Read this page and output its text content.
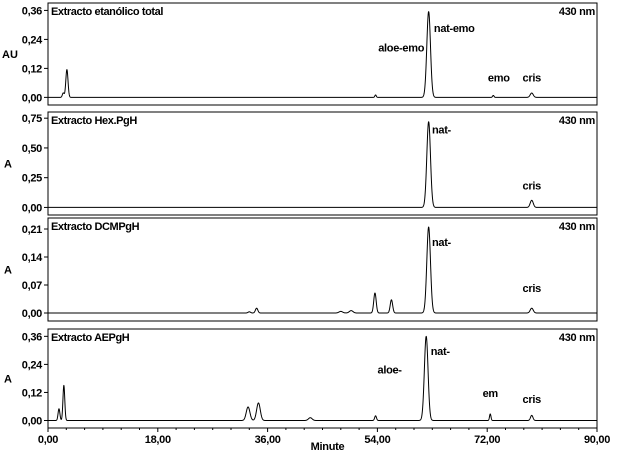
0,00
0,12
0,24
0,36
AU
Extracto etanólico total	430 nm
aloe-emo
nat-emo
emo cris
0,00
0,25
0,50
0,75
A
Extracto Hex.PgH	430 nm
nat-
cris
0,00
0,07
0,14
0,21
A
Extracto DCMPgH	430 nm
nat-
cris
0,00
0,12
0,24
0,36
A
Extracto AEPgH	430 nm
aloe-
nat-
em cris
0,00	18,00	36,00	54,00	72,00	90,00
Minute
